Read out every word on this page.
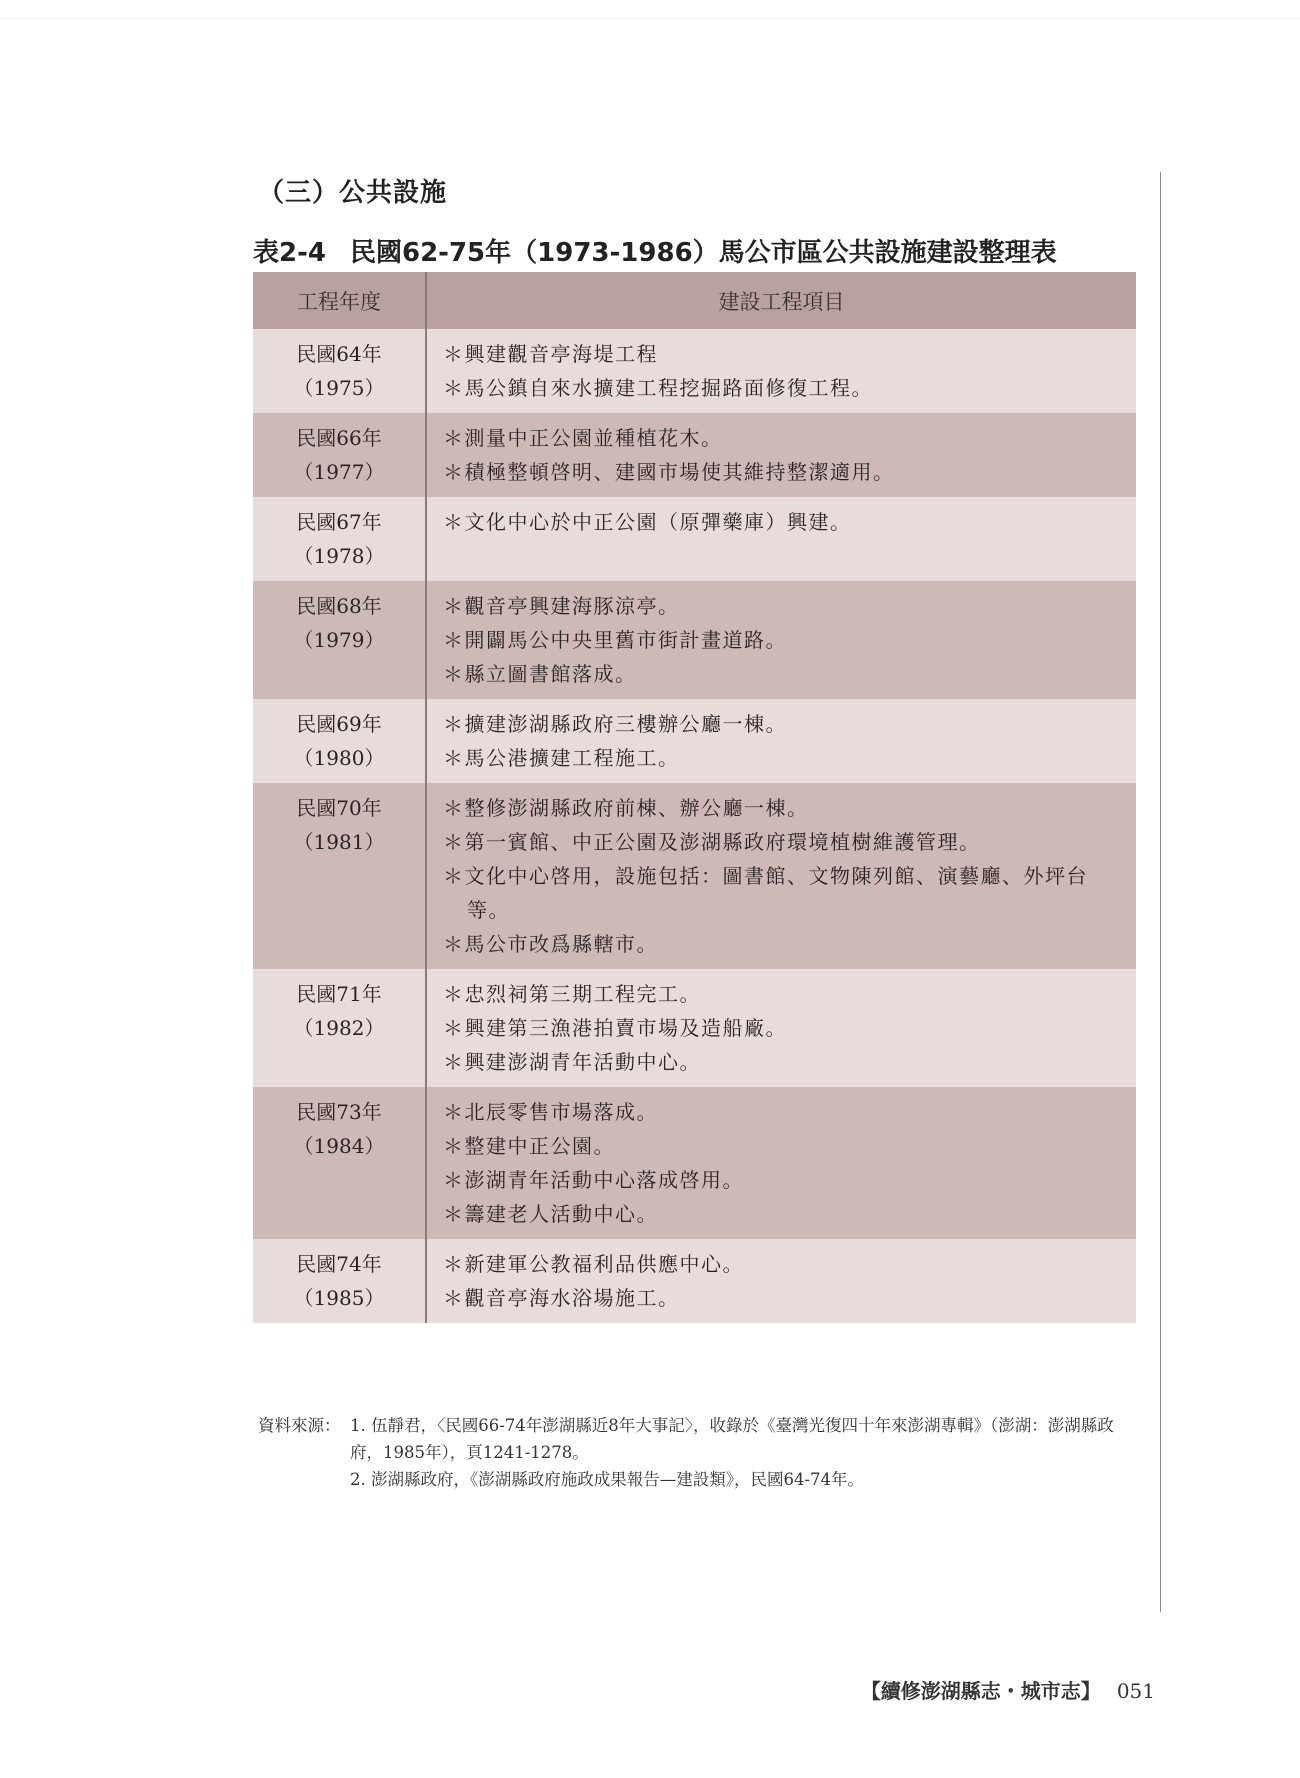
（三）公共設施
表2-4 民國62-75年（1973-1986）馬公市區公共設施建設整理表
工程年度	建設工程項目

民國64年
（1975）	＊興建觀音亭海堤工程
＊馬公鎮自來水擴建工程挖掘路面修復工程。

民國66年
（1977）	＊測量中正公園並種植花木。
＊積極整頓啓明、建國市場使其維持整潔適用。

民國67年
（1978）	＊文化中心於中正公園（原彈藥庫）興建。

民國68年
（1979）	＊觀音亭興建海豚涼亭。
＊開闢馬公中央里舊市街計畫道路。
＊縣立圖書館落成。

民國69年
（1980）	＊擴建澎湖縣政府三樓辦公廳一棟。
＊馬公港擴建工程施工。

民國70年
（1981）	＊整修澎湖縣政府前棟、辦公廳一棟。
＊第一賓館、中正公園及澎湖縣政府環境植樹維護管理。
＊文化中心啓用，設施包括：圖書館、文物陳列館、演藝廳、外坪台等。
＊馬公市改爲縣轄市。

民國71年
（1982）	＊忠烈祠第三期工程完工。
＊興建第三漁港拍賣市場及造船廠。
＊興建澎湖青年活動中心。

民國73年
（1984）	＊北辰零售市場落成。
＊整建中正公園。
＊澎湖青年活動中心落成啓用。
＊籌建老人活動中心。

民國74年
（1985）	＊新建軍公教福利品供應中心。
＊觀音亭海水浴場施工。
資料來源： 1. 伍靜君，〈民國66-74年澎湖縣近8年大事記〉，收錄於《臺灣光復四十年來澎湖專輯》（澎湖：澎湖縣政府，1985年），頁1241-1278。
2. 澎湖縣政府，《澎湖縣政府施政成果報告—建設類》，民國64-74年。
【續修澎湖縣志・城市志】 051
